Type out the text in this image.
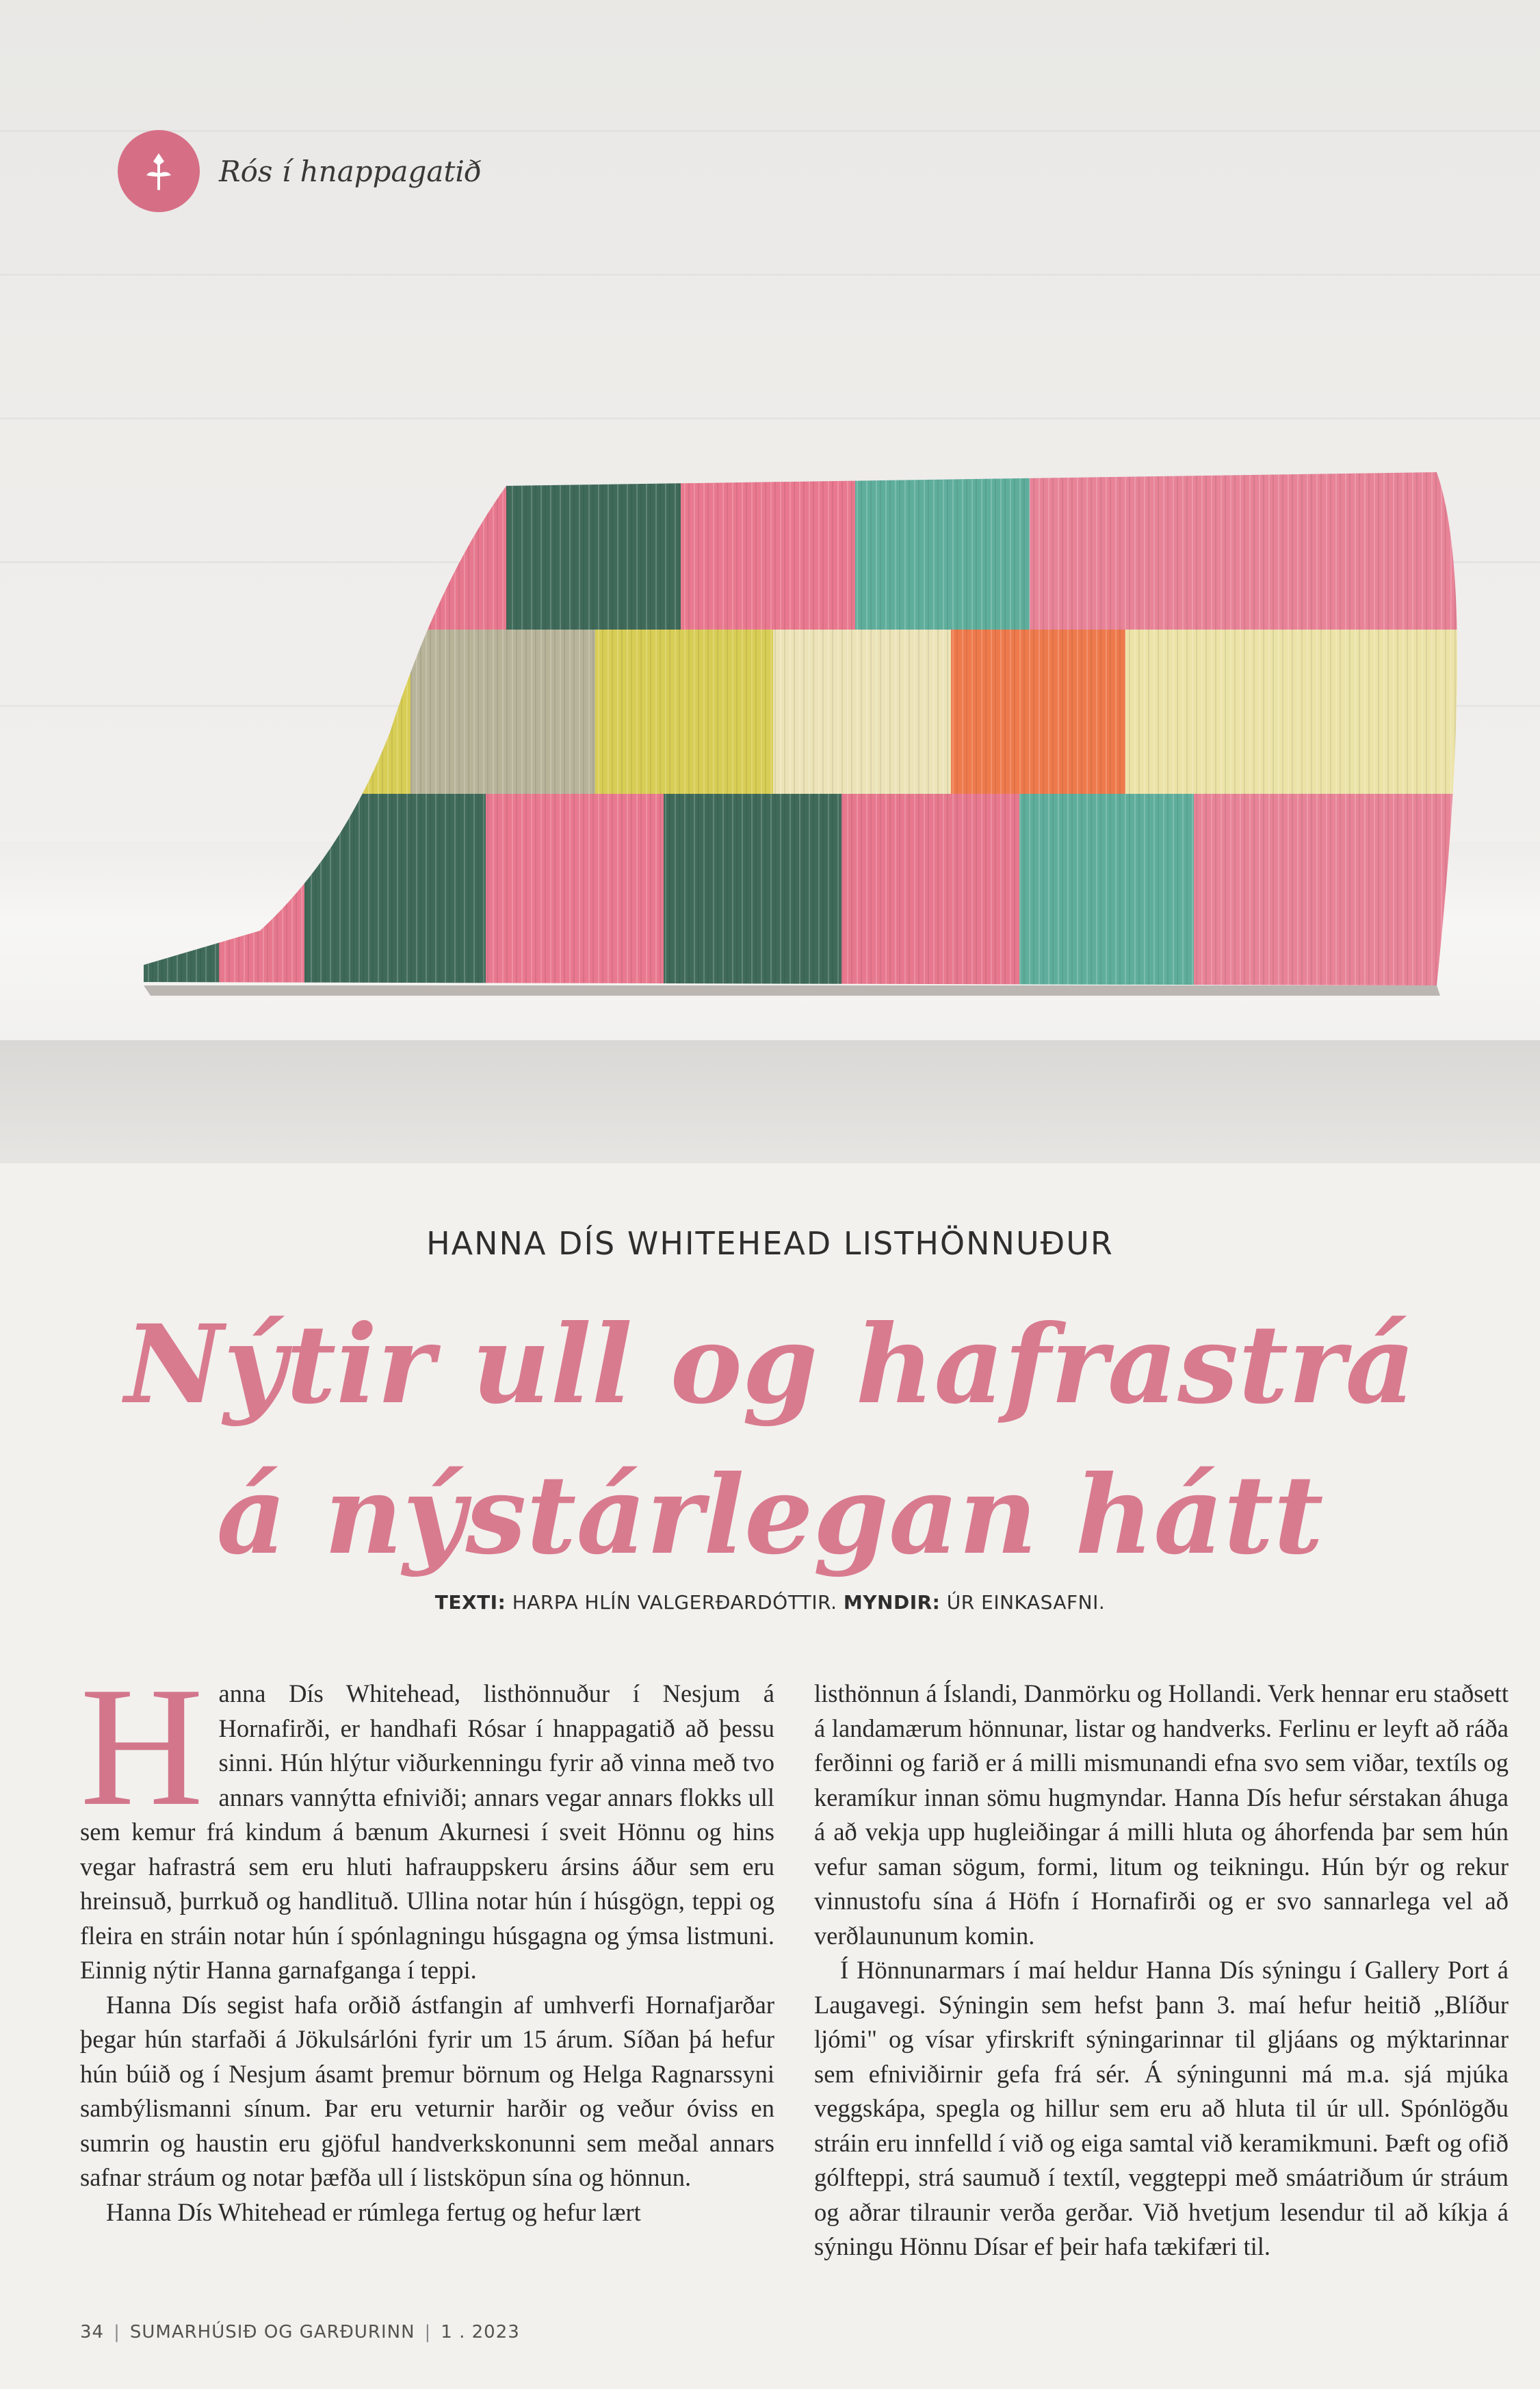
Rós í hnappagatið
HANNA DÍS WHITEHEAD LISTHÖNNUÐUR
Nýtir ull og hafrastrá
á nýstárlegan hátt
TEXTI: HARPA HLÍN VALGERÐARDÓTTIR. MYNDIR: ÚR EINKASAFNI.

Hanna Dís Whitehead, listhönnuður í Nesjum á Hornafirði, er handhafi Rósar í hnappagatið að þessu sinni. Hún hlýtur viðurkenningu fyrir að vinna með tvo annars vannýtta efniviði; annars vegar annars flokks ull sem kemur frá kindum á bænum Akurnesi í sveit Hönnu og hins vegar hafrastrá sem eru hluti hafrauppskeru ársins áður sem eru hreinsuð, þurrkuð og handlituð. Ullina notar hún í húsgögn, teppi og fleira en stráin notar hún í spónlagningu húsgagna og ýmsa listmuni. Einnig nýtir Hanna garnafganga í teppi.

Hanna Dís segist hafa orðið ástfangin af umhverfi Hornafjarðar þegar hún starfaði á Jökulsárlóni fyrir um 15 árum. Síðan þá hefur hún búið og í Nesjum ásamt þremur börnum og Helga Ragnarssyni sambýlismanni sínum. Þar eru veturnir harðir og veður óviss en sumrin og haustin eru gjöful handverkskonunni sem meðal annars safnar stráum og notar þæfða ull í listsköpun sína og hönnun.

Hanna Dís Whitehead er rúmlega fertug og hefur lært

listhönnun á Íslandi, Danmörku og Hollandi. Verk hennar eru staðsett á landamærum hönnunar, listar og handverks. Ferlinu er leyft að ráða ferðinni og farið er á milli mismunandi efna svo sem viðar, textíls og keramíkur innan sömu hugmyndar. Hanna Dís hefur sérstakan áhuga á að vekja upp hugleiðingar á milli hluta og áhorfenda þar sem hún vefur saman sögum, formi, litum og teikningu. Hún býr og rekur vinnustofu sína á Höfn í Hornafirði og er svo sannarlega vel að verðlaununum komin.

Í Hönnunarmars í maí heldur Hanna Dís sýningu í Gallery Port á Laugavegi. Sýningin sem hefst þann 3. maí hefur heitið „Blíður ljómi" og vísar yfirskrift sýningarinnar til gljáans og mýktarinnar sem efniviðirnir gefa frá sér. Á sýningunni má m.a. sjá mjúka veggskápa, spegla og hillur sem eru að hluta til úr ull. Spónlögðu stráin eru innfelld í við og eiga samtal við keramikmuni. Þæft og ofið gólfteppi, strá saumuð í textíl, veggteppi með smáatriðum úr stráum og aðrar tilraunir verða gerðar. Við hvetjum lesendur til að kíkja á sýningu Hönnu Dísar ef þeir hafa tækifæri til.

34 | SUMARHÚSIÐ OG GARÐURINN | 1 . 2023
